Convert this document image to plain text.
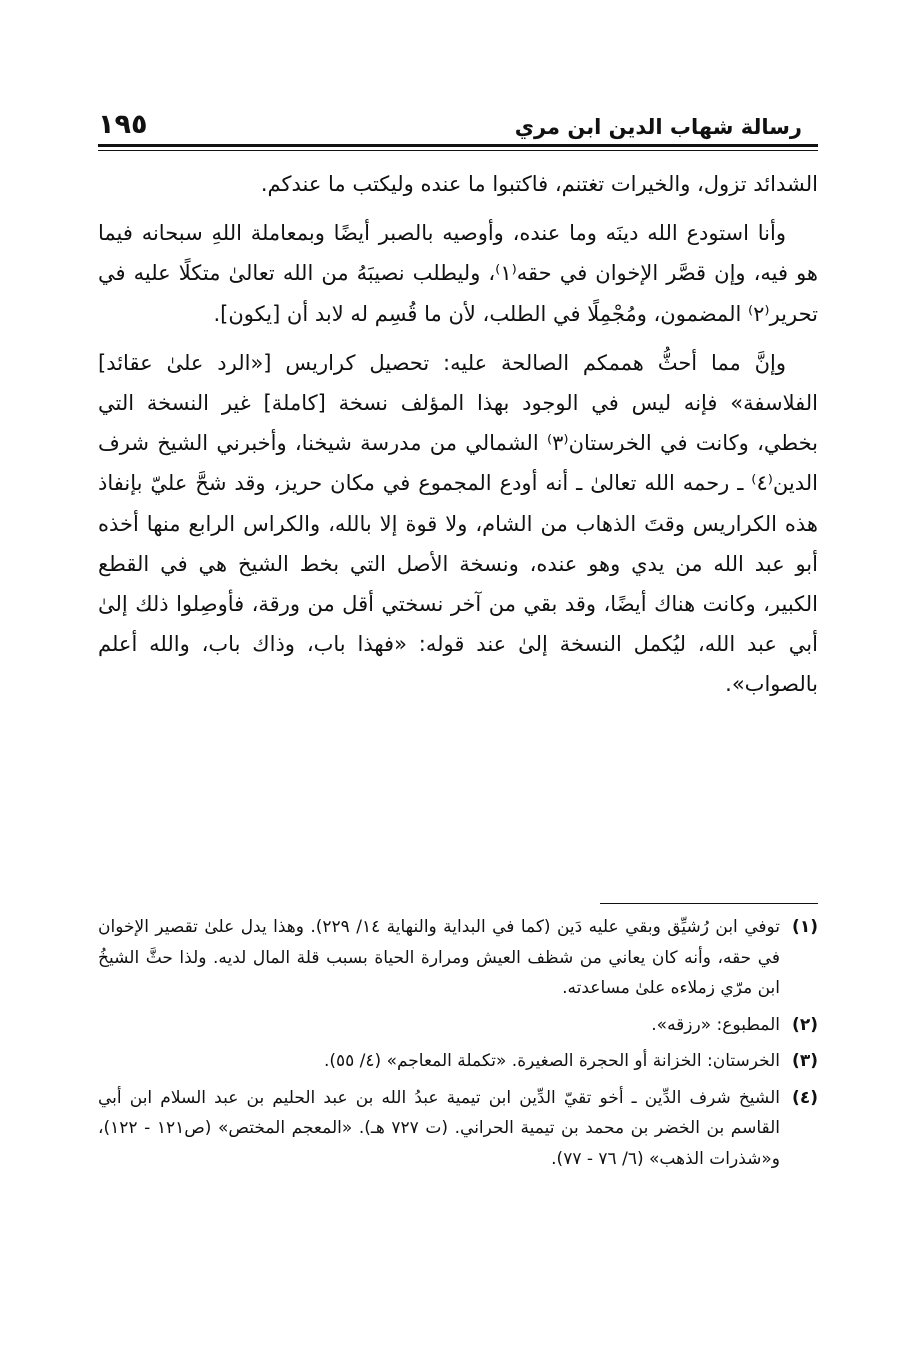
رسالة شهاب الدين ابن مري
١٩٥

الشدائد تزول، والخيرات تغتنم، فاكتبوا ما عنده وليكتب ما عندكم.

وأنا استودع الله دينَه وما عنده، وأوصيه بالصبر أيضًا وبمعاملة اللهِ سبحانه فيما هو فيه، وإن قصَّر الإخوان في حقه⁽١⁾، وليطلب نصيبَهُ من الله تعالىٰ متكلًا عليه في تحرير⁽٢⁾ المضمون، ومُجْمِلًا في الطلب، لأن ما قُسِم له لابد أن [يكون].

وإنَّ مما أحثُّ هممكم الصالحة عليه: تحصيل كراريس [«الرد علىٰ عقائد] الفلاسفة» فإنه ليس في الوجود بهذا المؤلف نسخة [كاملة] غير النسخة التي بخطي، وكانت في الخرستان⁽٣⁾ الشمالي من مدرسة شيخنا، وأخبرني الشيخ شرف الدين⁽٤⁾ ـ رحمه الله تعالىٰ ـ أنه أودع المجموع في مكان حريز، وقد شحَّ عليّ بإنفاذ هذه الكراريس وقتَ الذهاب من الشام، ولا قوة إلا بالله، والكراس الرابع منها أخذه أبو عبد الله من يدي وهو عنده، ونسخة الأصل التي بخط الشيخ هي في القطع الكبير، وكانت هناك أيضًا، وقد بقي من آخر نسختي أقل من ورقة، فأوصِلوا ذلك إلىٰ أبي عبد الله، ليُكمل النسخة إلىٰ عند قوله: «فهذا باب، وذاك باب، والله أعلم بالصواب».

(١)
توفي ابن رُشيِّق وبقي عليه دَين (كما في البداية والنهاية ١٤/ ٢٢٩). وهذا يدل علىٰ تقصير الإخوان في حقه، وأنه كان يعاني من شظف العيش ومرارة الحياة بسبب قلة المال لديه. ولذا حثَّ الشيخُ ابن مرّي زملاءه علىٰ مساعدته.
(٢)
المطبوع: «رزقه».
(٣)
الخرستان: الخزانة أو الحجرة الصغيرة. «تكملة المعاجم» (٤/ ٥٥).
(٤)
الشيخ شرف الدِّين ـ أخو تقيّ الدِّين ابن تيمية عبدُ الله بن عبد الحليم بن عبد السلام ابن أبي القاسم بن الخضر بن محمد بن تيمية الحراني. (ت ٧٢٧ هـ). «المعجم المختص» (ص١٢١ - ١٢٢)، و«شذرات الذهب» (٦/ ٧٦ - ٧٧).
